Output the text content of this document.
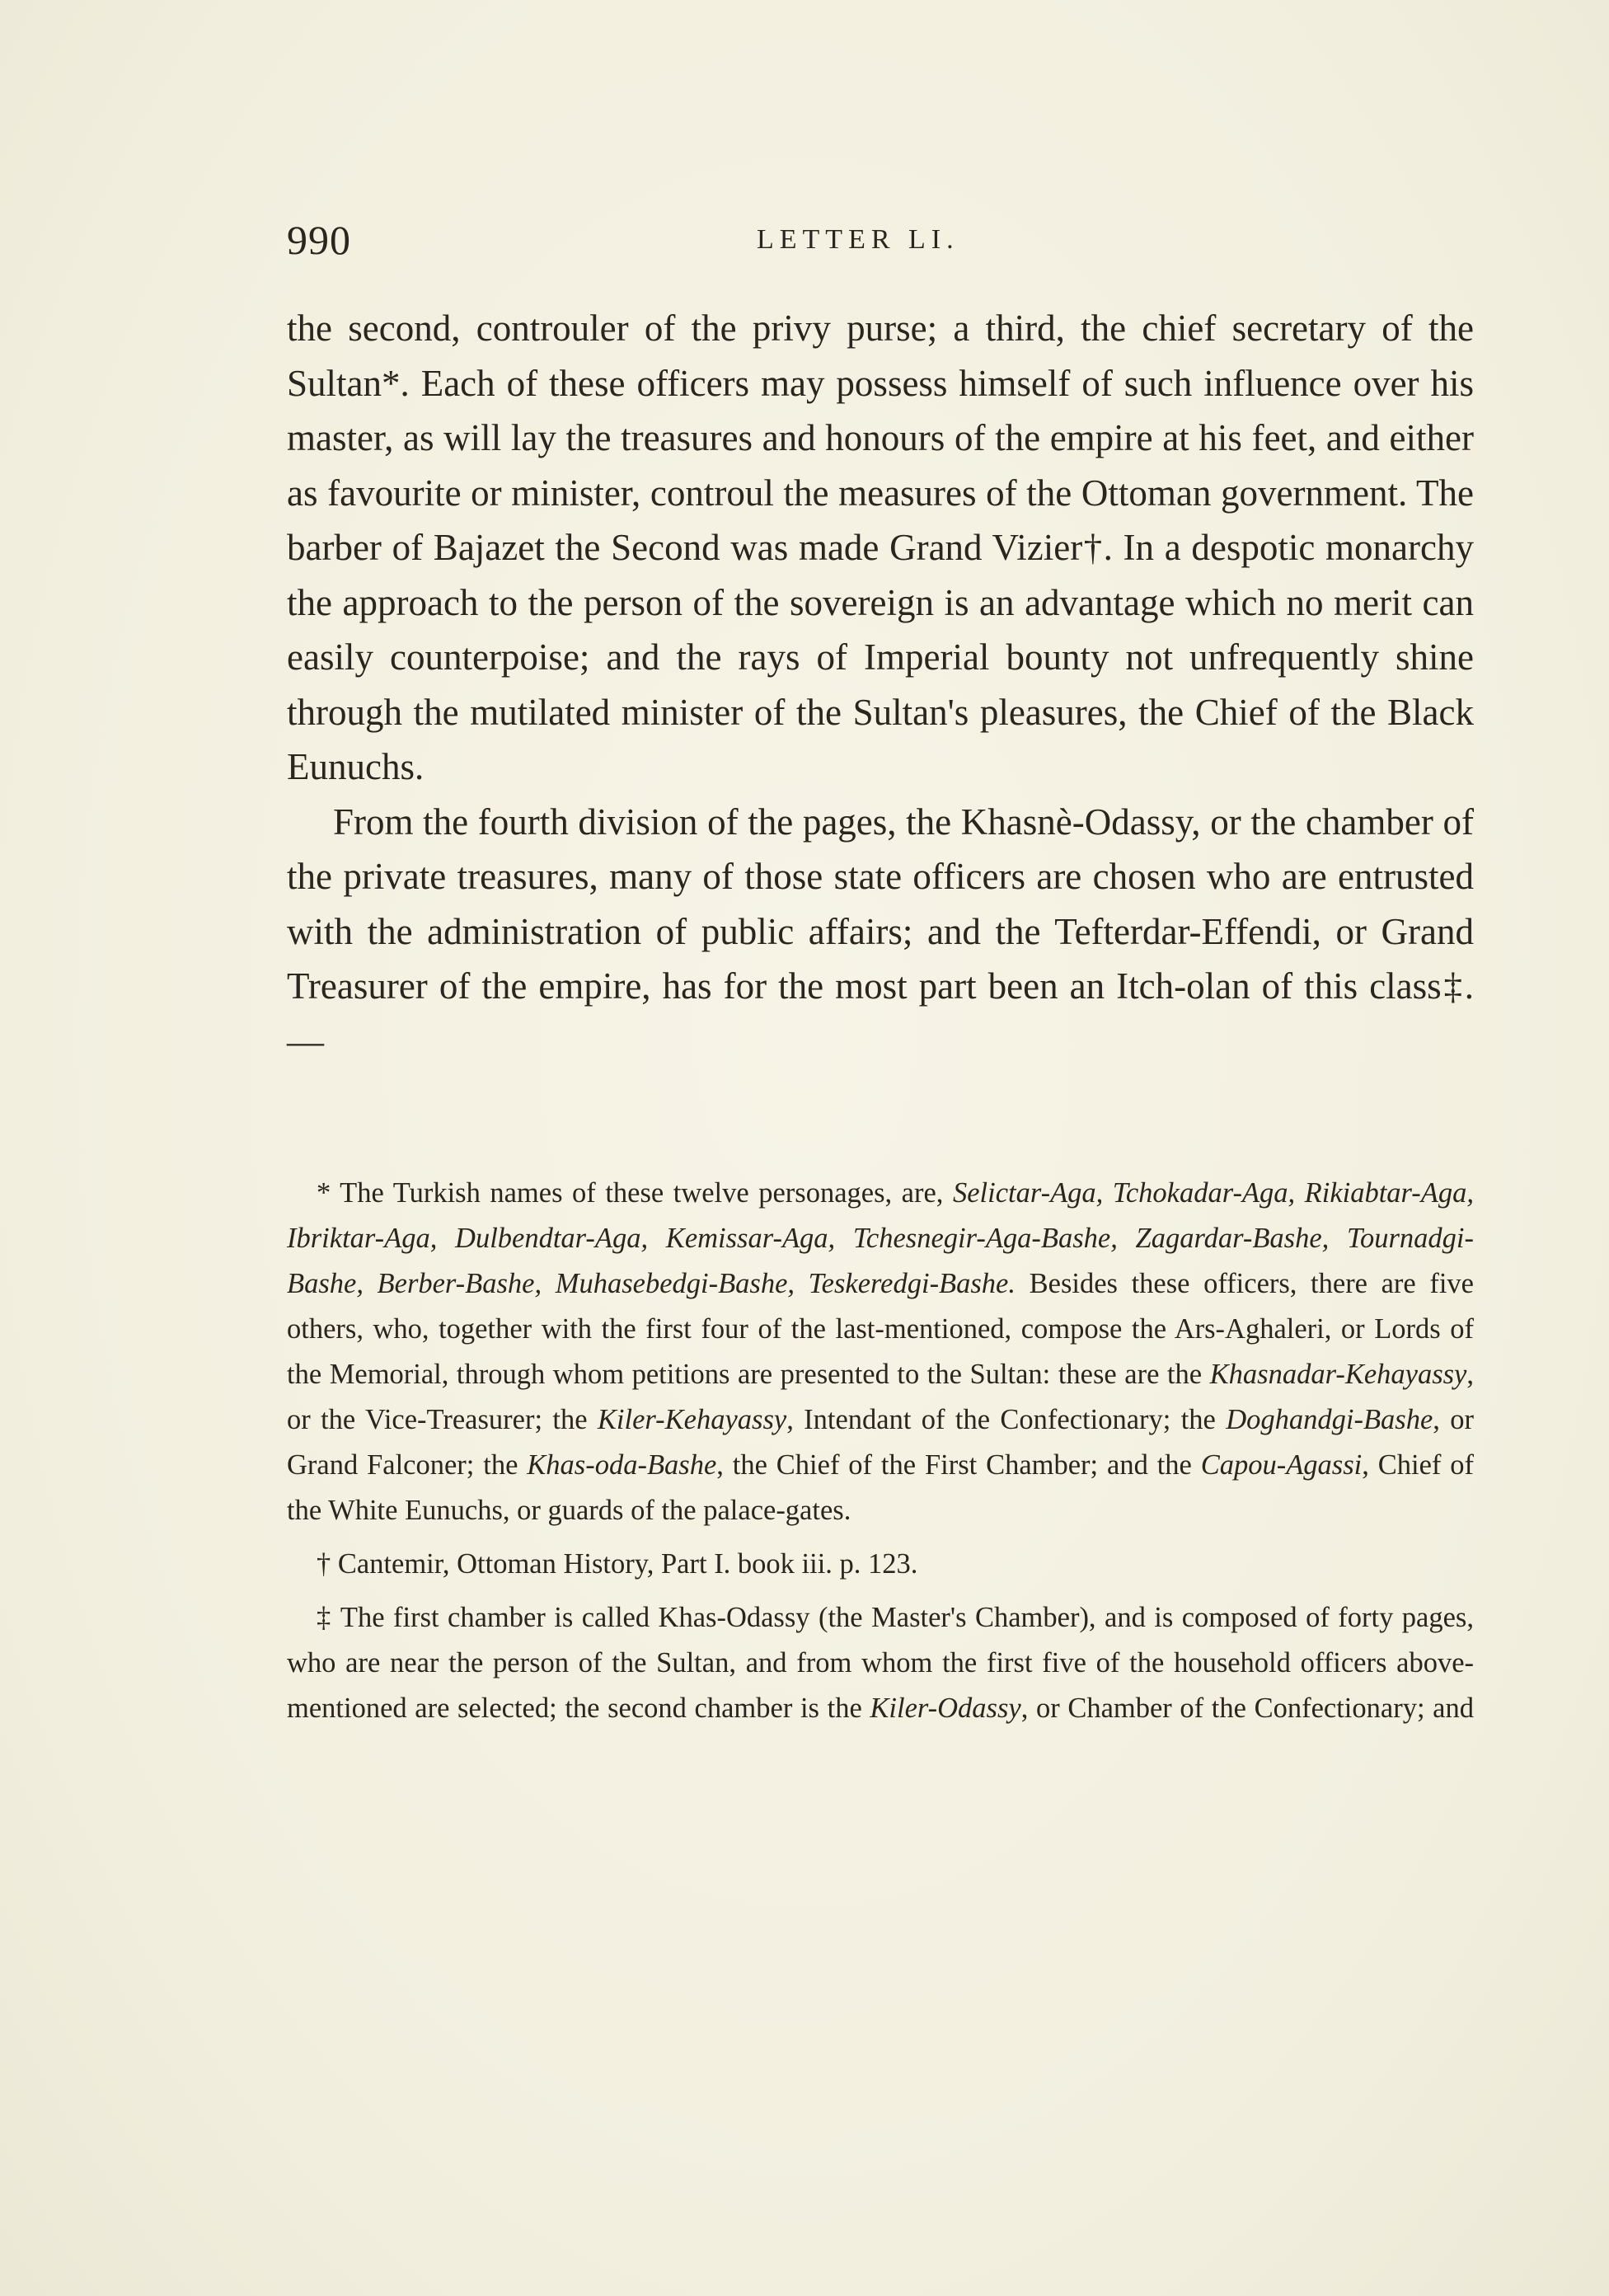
990	LETTER LI.

the second, controuler of the privy purse; a third, the chief secretary of the Sultan*. Each of these officers may possess himself of such influence over his master, as will lay the treasures and honours of the empire at his feet, and either as favourite or minister, controul the measures of the Ottoman government. The barber of Bajazet the Second was made Grand Vizier†. In a despotic monarchy the approach to the person of the sovereign is an advantage which no merit can easily counterpoise; and the rays of Imperial bounty not unfrequently shine through the mutilated minister of the Sultan's pleasures, the Chief of the Black Eunuchs.

From the fourth division of the pages, the Khasnè-Odassy, or the chamber of the private treasures, many of those state officers are chosen who are entrusted with the administration of public affairs; and the Tefterdar-Effendi, or Grand Treasurer of the empire, has for the most part been an Itch-olan of this class‡.—

* The Turkish names of these twelve personages, are, Selictar-Aga, Tchokadar-Aga, Rikiabtar-Aga, Ibriktar-Aga, Dulbendtar-Aga, Kemissar-Aga, Tchesnegir-Aga-Bashe, Zagardar-Bashe, Tournadgi-Bashe, Berber-Bashe, Muhasebedgi-Bashe, Teskeredgi-Bashe. Besides these officers, there are five others, who, together with the first four of the last-mentioned, compose the Ars-Aghaleri, or Lords of the Memorial, through whom petitions are presented to the Sultan: these are the Khasnadar-Kehayassy, or the Vice-Treasurer; the Kiler-Kehayassy, Intendant of the Confectionary; the Doghandgi-Bashe, or Grand Falconer; the Khas-oda-Bashe, the Chief of the First Chamber; and the Capou-Agassi, Chief of the White Eunuchs, or guards of the palace-gates.

† Cantemir, Ottoman History, Part I. book iii. p. 123.

‡ The first chamber is called Khas-Odassy (the Master's Chamber), and is composed of forty pages, who are near the person of the Sultan, and from whom the first five of the household officers above-mentioned are selected; the second chamber is the Kiler-Odassy, or Chamber of the Confectionary; and
